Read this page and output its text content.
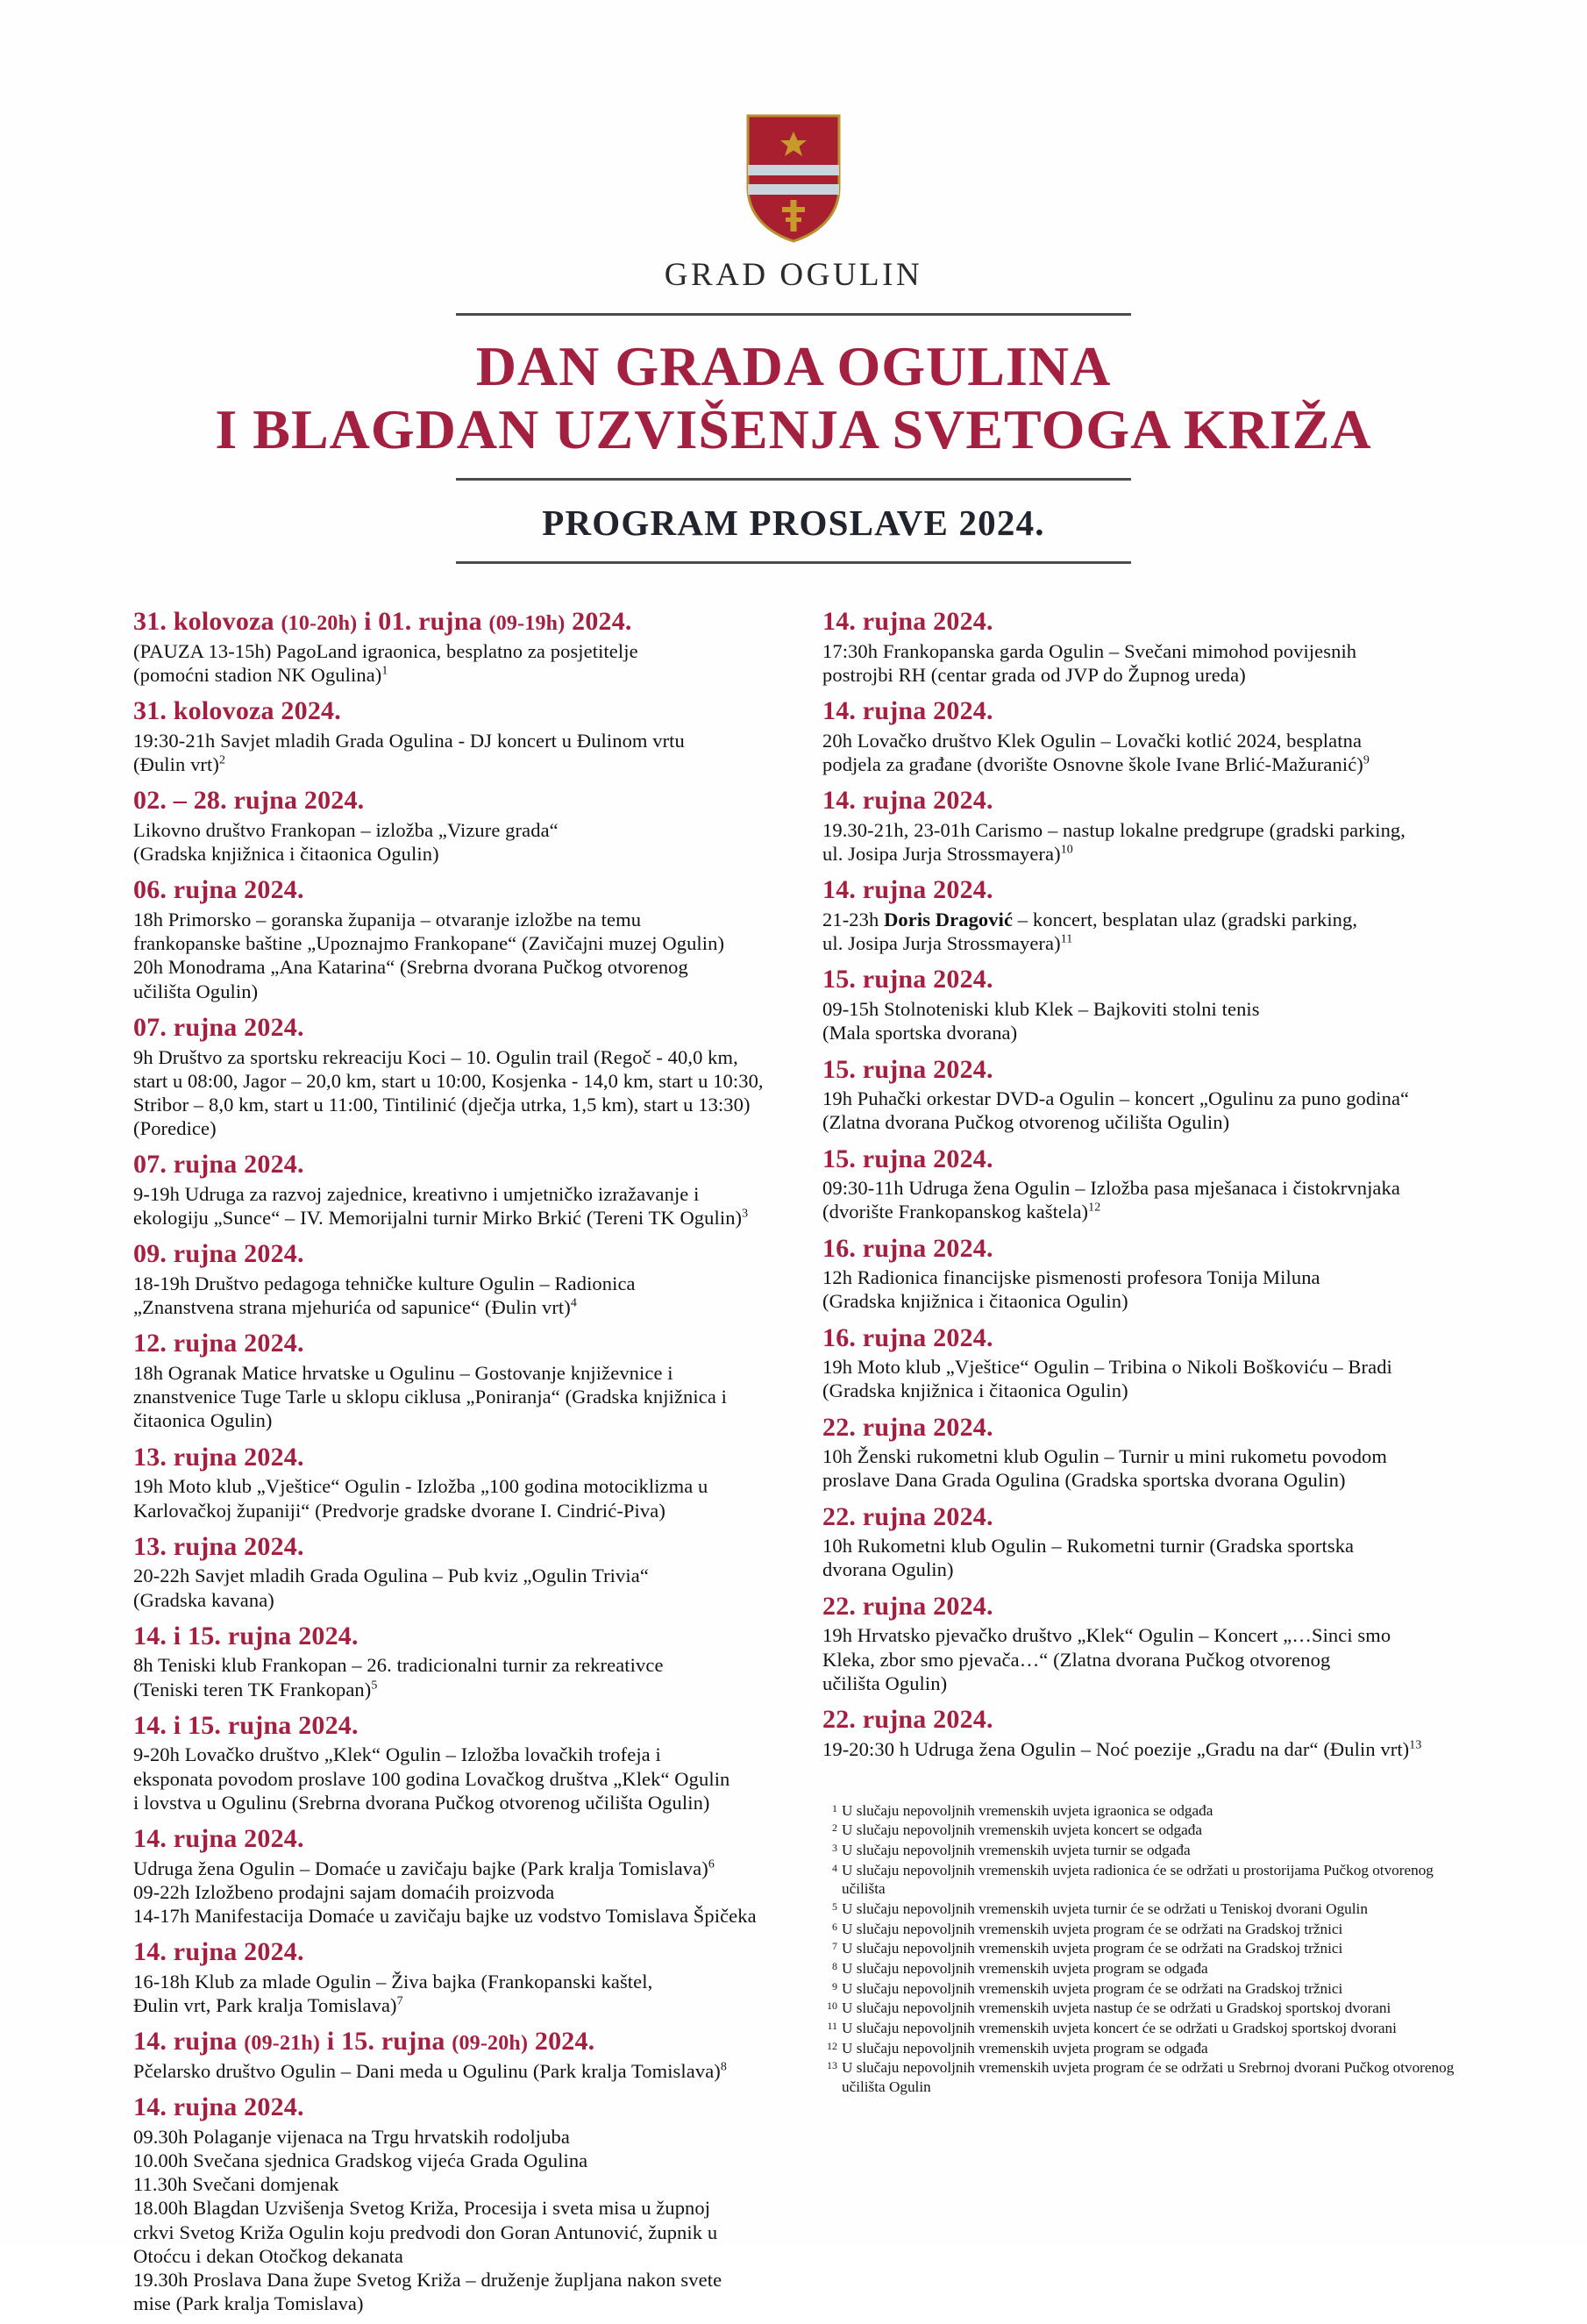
GRAD OGULIN
DAN GRADA OGULINA
I BLAGDAN UZVIŠENJA SVETOGA KRIŽA
PROGRAM PROSLAVE 2024.
31. kolovoza (10-20h) i 01. rujna (09-19h) 2024.
(PAUZA 13-15h) PagoLand igraonica, besplatno za posjetitelje
(pomoćni stadion NK Ogulina)$^1$
31. kolovoza 2024.
19:30-21h Savjet mladih Grada Ogulina - DJ koncert u Đulinom vrtu
(Đulin vrt)$^2$
02. – 28. rujna 2024.
Likovno društvo Frankopan – izložba „Vizure grada“
(Gradska knjižnica i čitaonica Ogulin)
06. rujna 2024.
18h Primorsko – goranska županija – otvaranje izložbe na temu
frankopanske baštine „Upoznajmo Frankopane“ (Zavičajni muzej Ogulin)
20h Monodrama „Ana Katarina“ (Srebrna dvorana Pučkog otvorenog
učilišta Ogulin)
07. rujna 2024.
9h Društvo za sportsku rekreaciju Koci – 10. Ogulin trail (Regoč - 40,0 km,
start u 08:00, Jagor – 20,0 km, start u 10:00, Kosjenka - 14,0 km, start u 10:30,
Stribor – 8,0 km, start u 11:00, Tintilinić (dječja utrka, 1,5 km), start u 13:30)
(Poredice)
07. rujna 2024.
9-19h Udruga za razvoj zajednice, kreativno i umjetničko izražavanje i
ekologiju „Sunce“ – IV. Memorijalni turnir Mirko Brkić (Tereni TK Ogulin)$^3$
09. rujna 2024.
18-19h Društvo pedagoga tehničke kulture Ogulin – Radionica
„Znanstvena strana mjehurića od sapunice“ (Đulin vrt)$^4$
12. rujna 2024.
18h Ogranak Matice hrvatske u Ogulinu – Gostovanje književnice i
znanstvenice Tuge Tarle u sklopu ciklusa „Poniranja“ (Gradska knjižnica i
čitaonica Ogulin)
13. rujna 2024.
19h Moto klub „Vještice“ Ogulin - Izložba „100 godina motociklizma u
Karlovačkoj županiji“ (Predvorje gradske dvorane I. Cindrić-Piva)
13. rujna 2024.
20-22h Savjet mladih Grada Ogulina – Pub kviz „Ogulin Trivia“
(Gradska kavana)
14. i 15. rujna 2024.
8h Teniski klub Frankopan – 26. tradicionalni turnir za rekreativce
(Teniski teren TK Frankopan)$^5$
14. i 15. rujna 2024.
9-20h Lovačko društvo „Klek“ Ogulin – Izložba lovačkih trofeja i
eksponata povodom proslave 100 godina Lovačkog društva „Klek“ Ogulin
i lovstva u Ogulinu (Srebrna dvorana Pučkog otvorenog učilišta Ogulin)
14. rujna 2024.
Udruga žena Ogulin – Domaće u zavičaju bajke (Park kralja Tomislava)$^6$
09-22h Izložbeno prodajni sajam domaćih proizvoda
14-17h Manifestacija Domaće u zavičaju bajke uz vodstvo Tomislava Špičeka
14. rujna 2024.
16-18h Klub za mlade Ogulin – Živa bajka (Frankopanski kaštel,
Đulin vrt, Park kralja Tomislava)$^7$
14. rujna (09-21h) i 15. rujna (09-20h) 2024.
Pčelarsko društvo Ogulin – Dani meda u Ogulinu (Park kralja Tomislava)$^8$
14. rujna 2024.
09.30h Polaganje vijenaca na Trgu hrvatskih rodoljuba
10.00h Svečana sjednica Gradskog vijeća Grada Ogulina
11.30h Svečani domjenak
18.00h Blagdan Uzvišenja Svetog Križa, Procesija i sveta misa u župnoj
crkvi Svetog Križa Ogulin koju predvodi don Goran Antunović, župnik u
Otoćcu i dekan Otočkog dekanata
19.30h Proslava Dana župe Svetog Križa – druženje župljana nakon svete
mise (Park kralja Tomislava)
14. rujna 2024.
17:30h Frankopanska garda Ogulin – Svečani mimohod povijesnih
postrojbi RH (centar grada od JVP do Župnog ureda)
14. rujna 2024.
20h Lovačko društvo Klek Ogulin – Lovački kotlić 2024, besplatna
podjela za građane (dvorište Osnovne škole Ivane Brlić-Mažuranić)$^9$
14. rujna 2024.
19.30-21h, 23-01h Carismo – nastup lokalne predgrupe (gradski parking,
ul. Josipa Jurja Strossmayera)$^{10}$
14. rujna 2024.
21-23h Doris Dragović – koncert, besplatan ulaz (gradski parking,
ul. Josipa Jurja Strossmayera)$^{11}$
15. rujna 2024.
09-15h Stolnoteniski klub Klek – Bajkoviti stolni tenis
(Mala sportska dvorana)
15. rujna 2024.
19h Puhački orkestar DVD-a Ogulin – koncert „Ogulinu za puno godina“
(Zlatna dvorana Pučkog otvorenog učilišta Ogulin)
15. rujna 2024.
09:30-11h Udruga žena Ogulin – Izložba pasa mješanaca i čistokrvnjaka
(dvorište Frankopanskog kaštela)$^{12}$
16. rujna 2024.
12h Radionica financijske pismenosti profesora Tonija Miluna
(Gradska knjižnica i čitaonica Ogulin)
16. rujna 2024.
19h Moto klub „Vještice“ Ogulin – Tribina o Nikoli Boškoviću – Bradi
(Gradska knjižnica i čitaonica Ogulin)
22. rujna 2024.
10h Ženski rukometni klub Ogulin – Turnir u mini rukometu povodom
proslave Dana Grada Ogulina (Gradska sportska dvorana Ogulin)
22. rujna 2024.
10h Rukometni klub Ogulin – Rukometni turnir (Gradska sportska
dvorana Ogulin)
22. rujna 2024.
19h Hrvatsko pjevačko društvo „Klek“ Ogulin – Koncert „…Sinci smo
Kleka, zbor smo pjevača…“ (Zlatna dvorana Pučkog otvorenog
učilišta Ogulin)
22. rujna 2024.
19-20:30 h Udruga žena Ogulin – Noć poezije „Gradu na dar“ (Đulin vrt)$^{13}$
1 U slučaju nepovoljnih vremenskih uvjeta igraonica se odgađa
2 U slučaju nepovoljnih vremenskih uvjeta koncert se odgađa
3 U slučaju nepovoljnih vremenskih uvjeta turnir se odgađa
4 U slučaju nepovoljnih vremenskih uvjeta radionica će se održati u prostorijama Pučkog otvorenog učilišta
5 U slučaju nepovoljnih vremenskih uvjeta turnir će se održati u Teniskoj dvorani Ogulin
6 U slučaju nepovoljnih vremenskih uvjeta program će se održati na Gradskoj tržnici
7 U slučaju nepovoljnih vremenskih uvjeta program će se održati na Gradskoj tržnici
8 U slučaju nepovoljnih vremenskih uvjeta program se odgađa
9 U slučaju nepovoljnih vremenskih uvjeta program će se održati na Gradskoj tržnici
10 U slučaju nepovoljnih vremenskih uvjeta nastup će se održati u Gradskoj sportskoj dvorani
11 U slučaju nepovoljnih vremenskih uvjeta koncert će se održati u Gradskoj sportskoj dvorani
12 U slučaju nepovoljnih vremenskih uvjeta program se odgađa
13 U slučaju nepovoljnih vremenskih uvjeta program će se održati u Srebrnoj dvorani Pučkog otvorenog učilišta Ogulin
